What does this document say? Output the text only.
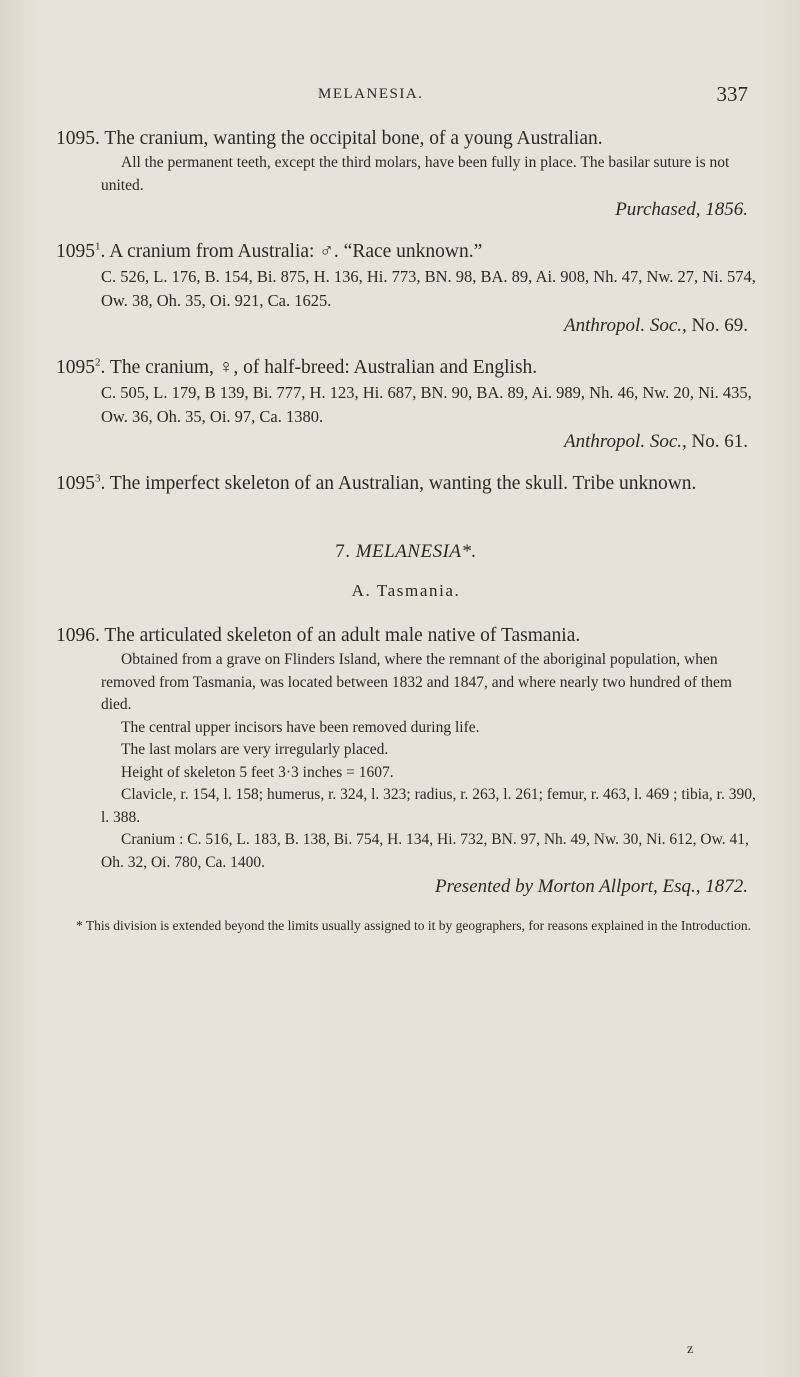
MELANESIA.	337
1095. The cranium, wanting the occipital bone, of a young Australian.
All the permanent teeth, except the third molars, have been fully in place. The basilar suture is not united.
Purchased, 1856.
1095$^1$. A cranium from Australia: ♂. “Race unknown.”
C. 526, L. 176, B. 154, Bi. 875, H. 136, Hi. 773, BN. 98, BA. 89, Ai. 908, Nh. 47, Nw. 27, Ni. 574, Ow. 38, Oh. 35, Oi. 921, Ca. 1625.
Anthropol. Soc., No. 69.
1095$^2$. The cranium, ♀, of half-breed: Australian and English.
C. 505, L. 179, B 139, Bi. 777, H. 123, Hi. 687, BN. 90, BA. 89, Ai. 989, Nh. 46, Nw. 20, Ni. 435, Ow. 36, Oh. 35, Oi. 97, Ca. 1380.
Anthropol. Soc., No. 61.
1095$^3$. The imperfect skeleton of an Australian, wanting the skull. Tribe unknown.
7. MELANESIA*.
A. Tasmania.
1096. The articulated skeleton of an adult male native of Tasmania.
Obtained from a grave on Flinders Island, where the remnant of the aboriginal population, when removed from Tasmania, was located between 1832 and 1847, and where nearly two hundred of them died.
The central upper incisors have been removed during life.
The last molars are very irregularly placed.
Height of skeleton 5 feet 3·3 inches = 1607.
Clavicle, r. 154, l. 158; humerus, r. 324, l. 323; radius, r. 263, l. 261; femur, r. 463, l. 469 ; tibia, r. 390, l. 388.
Cranium : C. 516, L. 183, B. 138, Bi. 754, H. 134, Hi. 732, BN. 97, Nh. 49, Nw. 30, Ni. 612, Ow. 41, Oh. 32, Oi. 780, Ca. 1400.
Presented by Morton Allport, Esq., 1872.
* This division is extended beyond the limits usually assigned to it by geographers, for reasons explained in the Introduction.
z
